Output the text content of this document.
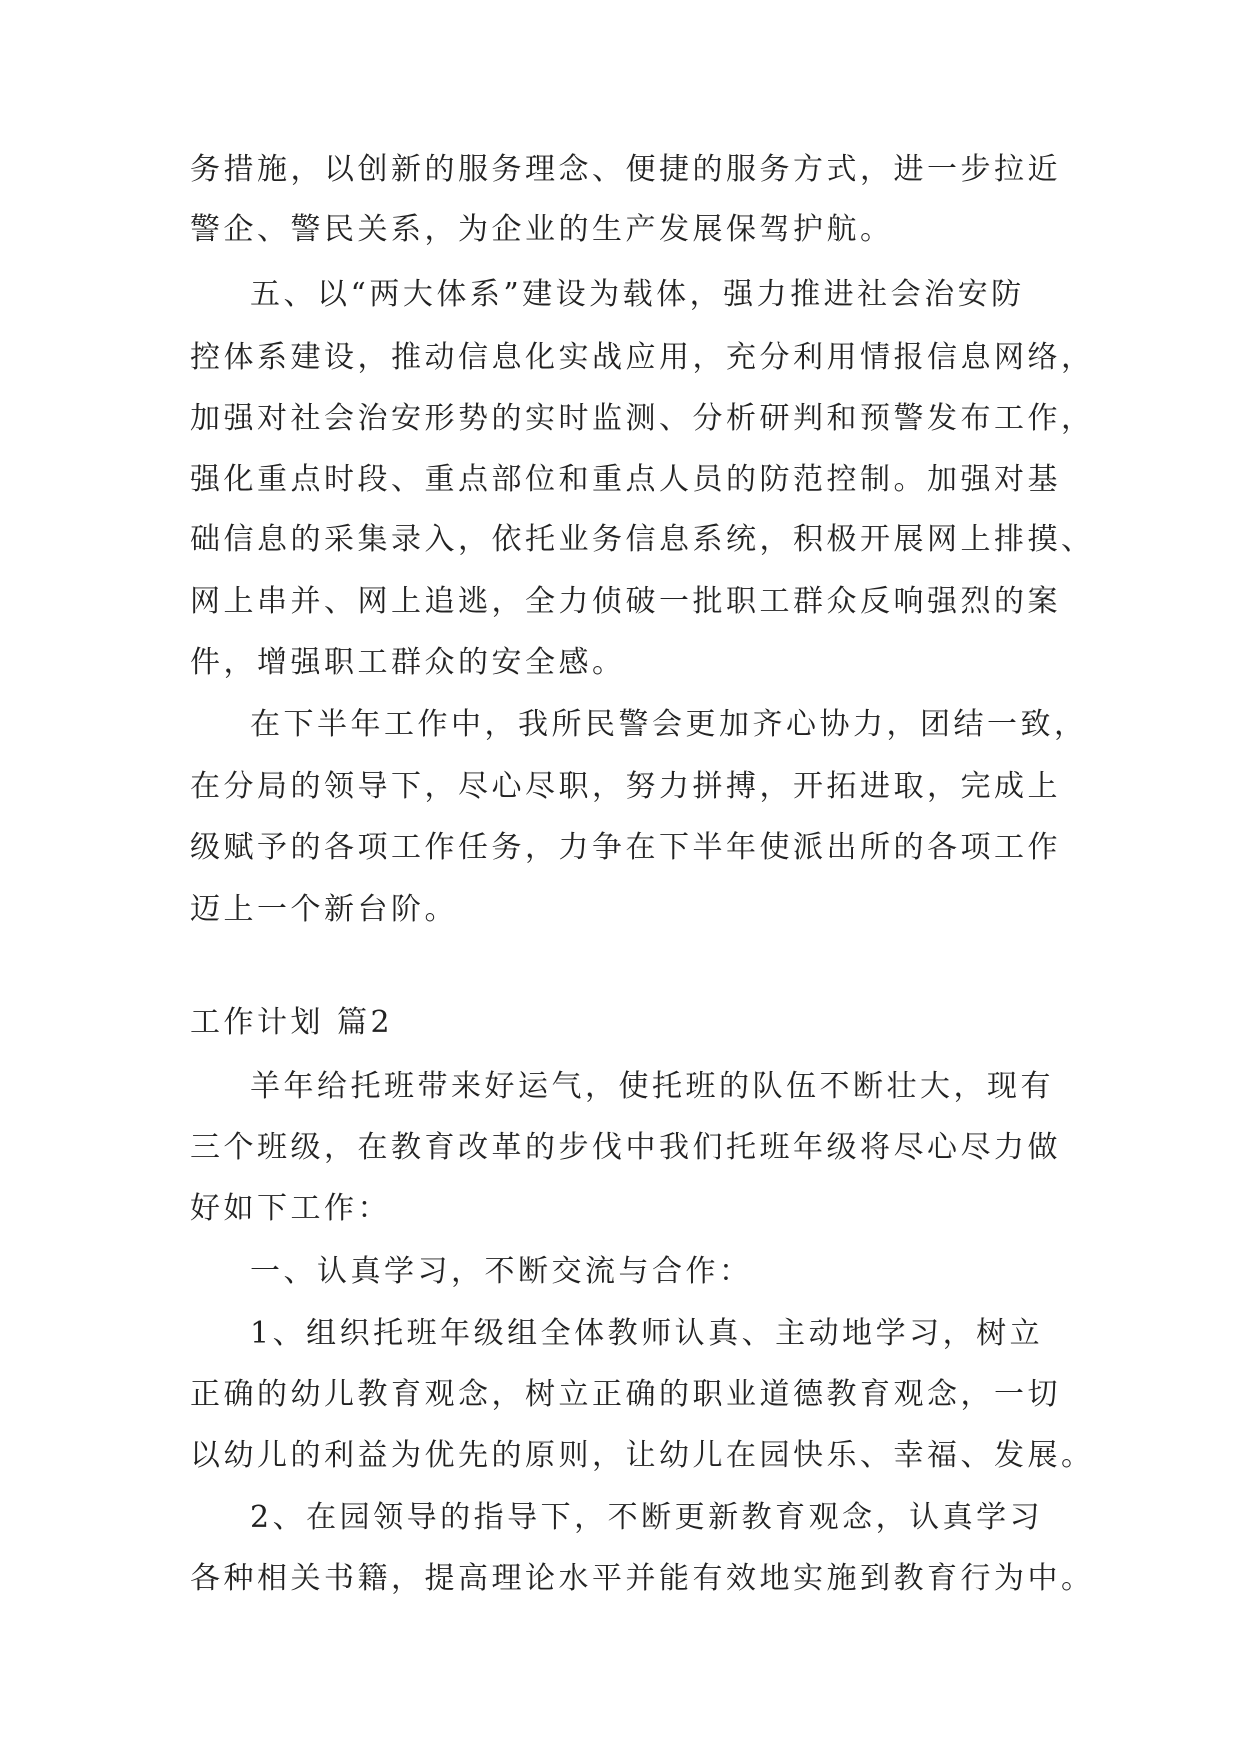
务措施，以创新的服务理念、便捷的服务方式，进一步拉近
警企、警民关系，为企业的生产发展保驾护航。
五、以“两大体系”建设为载体，强力推进社会治安防
控体系建设，推动信息化实战应用，充分利用情报信息网络，
加强对社会治安形势的实时监测、分析研判和预警发布工作，
强化重点时段、重点部位和重点人员的防范控制。加强对基
础信息的采集录入，依托业务信息系统，积极开展网上排摸、
网上串并、网上追逃，全力侦破一批职工群众反响强烈的案
件，增强职工群众的安全感。
在下半年工作中，我所民警会更加齐心协力，团结一致，
在分局的领导下，尽心尽职，努力拼搏，开拓进取，完成上
级赋予的各项工作任务，力争在下半年使派出所的各项工作
迈上一个新台阶。
工作计划 篇2
羊年给托班带来好运气，使托班的队伍不断壮大，现有
三个班级，在教育改革的步伐中我们托班年级将尽心尽力做
好如下工作：
一、认真学习，不断交流与合作：
1、组织托班年级组全体教师认真、主动地学习，树立
正确的幼儿教育观念，树立正确的职业道德教育观念，一切
以幼儿的利益为优先的原则，让幼儿在园快乐、幸福、发展。
2、在园领导的指导下，不断更新教育观念，认真学习
各种相关书籍，提高理论水平并能有效地实施到教育行为中。
